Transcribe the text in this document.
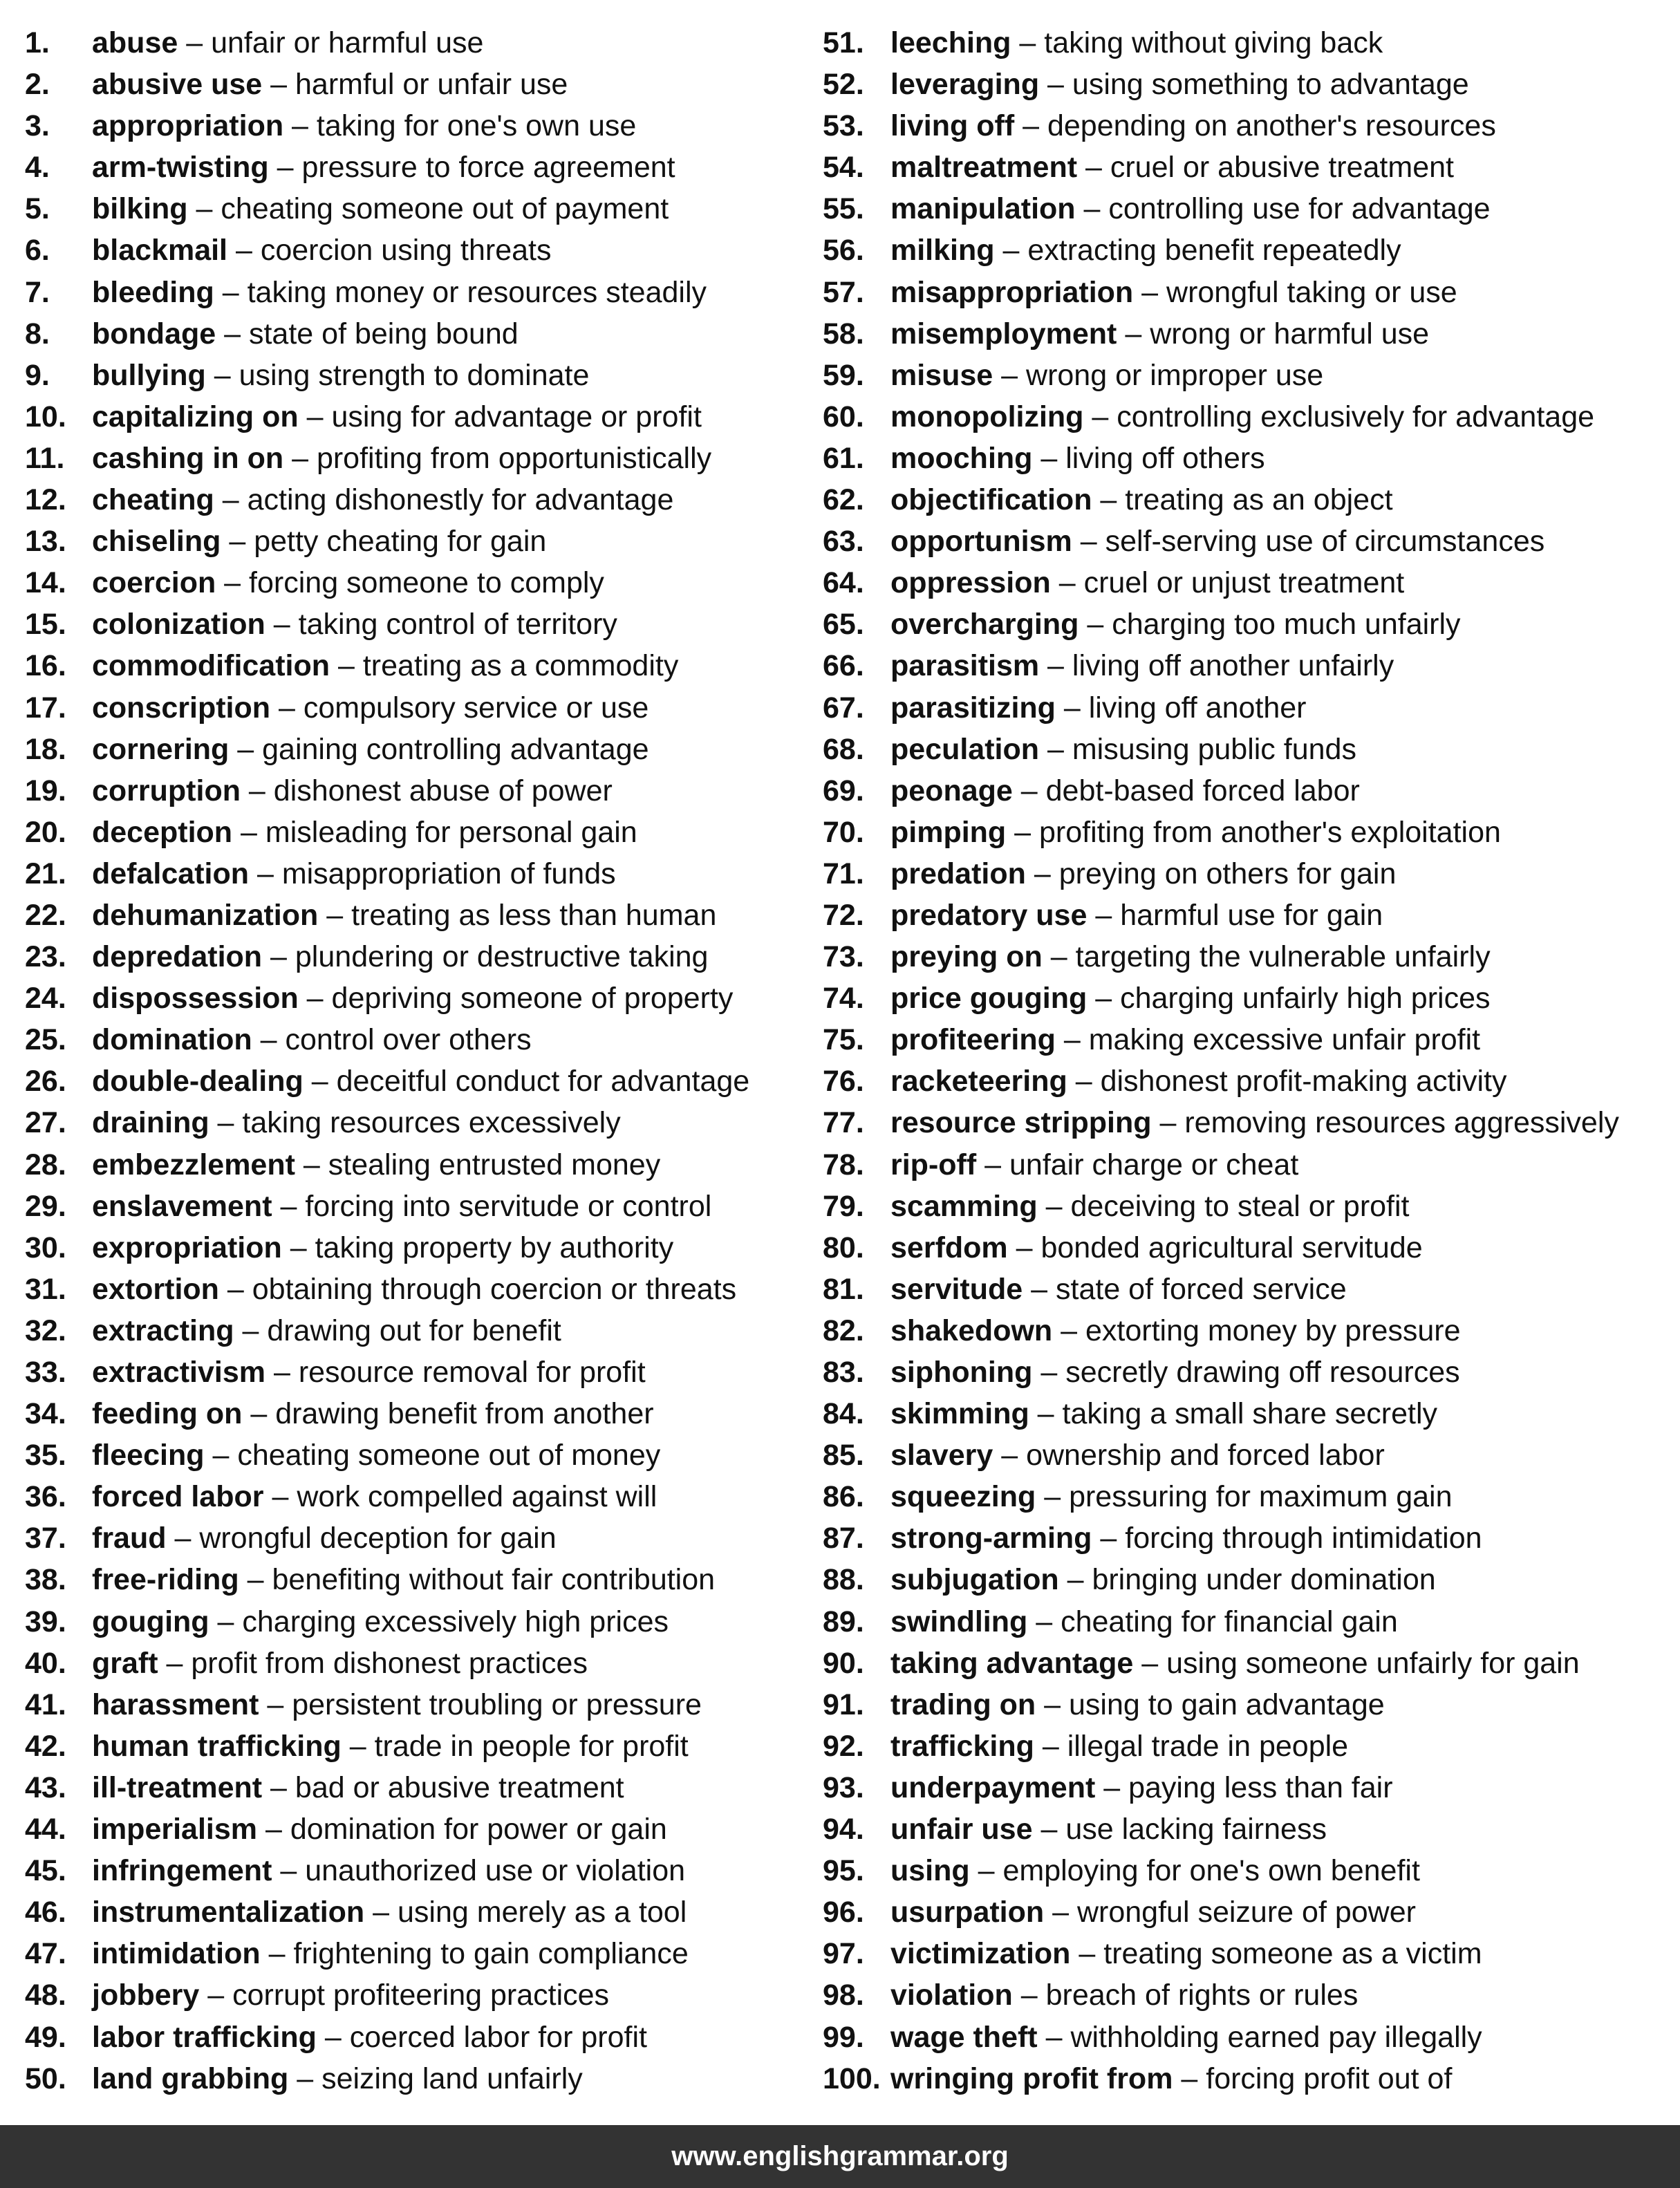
1. abuse – unfair or harmful use
2. abusive use – harmful or unfair use
3. appropriation – taking for one's own use
4. arm-twisting – pressure to force agreement
5. bilking – cheating someone out of payment
6. blackmail – coercion using threats
7. bleeding – taking money or resources steadily
8. bondage – state of being bound
9. bullying – using strength to dominate
10. capitalizing on – using for advantage or profit
11. cashing in on – profiting from opportunistically
12. cheating – acting dishonestly for advantage
13. chiseling – petty cheating for gain
14. coercion – forcing someone to comply
15. colonization – taking control of territory
16. commodification – treating as a commodity
17. conscription – compulsory service or use
18. cornering – gaining controlling advantage
19. corruption – dishonest abuse of power
20. deception – misleading for personal gain
21. defalcation – misappropriation of funds
22. dehumanization – treating as less than human
23. depredation – plundering or destructive taking
24. dispossession – depriving someone of property
25. domination – control over others
26. double-dealing – deceitful conduct for advantage
27. draining – taking resources excessively
28. embezzlement – stealing entrusted money
29. enslavement – forcing into servitude or control
30. expropriation – taking property by authority
31. extortion – obtaining through coercion or threats
32. extracting – drawing out for benefit
33. extractivism – resource removal for profit
34. feeding on – drawing benefit from another
35. fleecing – cheating someone out of money
36. forced labor – work compelled against will
37. fraud – wrongful deception for gain
38. free-riding – benefiting without fair contribution
39. gouging – charging excessively high prices
40. graft – profit from dishonest practices
41. harassment – persistent troubling or pressure
42. human trafficking – trade in people for profit
43. ill-treatment – bad or abusive treatment
44. imperialism – domination for power or gain
45. infringement – unauthorized use or violation
46. instrumentalization – using merely as a tool
47. intimidation – frightening to gain compliance
48. jobbery – corrupt profiteering practices
49. labor trafficking – coerced labor for profit
50. land grabbing – seizing land unfairly
51. leeching – taking without giving back
52. leveraging – using something to advantage
53. living off – depending on another's resources
54. maltreatment – cruel or abusive treatment
55. manipulation – controlling use for advantage
56. milking – extracting benefit repeatedly
57. misappropriation – wrongful taking or use
58. misemployment – wrong or harmful use
59. misuse – wrong or improper use
60. monopolizing – controlling exclusively for advantage
61. mooching – living off others
62. objectification – treating as an object
63. opportunism – self-serving use of circumstances
64. oppression – cruel or unjust treatment
65. overcharging – charging too much unfairly
66. parasitism – living off another unfairly
67. parasitizing – living off another
68. peculation – misusing public funds
69. peonage – debt-based forced labor
70. pimping – profiting from another's exploitation
71. predation – preying on others for gain
72. predatory use – harmful use for gain
73. preying on – targeting the vulnerable unfairly
74. price gouging – charging unfairly high prices
75. profiteering – making excessive unfair profit
76. racketeering – dishonest profit-making activity
77. resource stripping – removing resources aggressively
78. rip-off – unfair charge or cheat
79. scamming – deceiving to steal or profit
80. serfdom – bonded agricultural servitude
81. servitude – state of forced service
82. shakedown – extorting money by pressure
83. siphoning – secretly drawing off resources
84. skimming – taking a small share secretly
85. slavery – ownership and forced labor
86. squeezing – pressuring for maximum gain
87. strong-arming – forcing through intimidation
88. subjugation – bringing under domination
89. swindling – cheating for financial gain
90. taking advantage – using someone unfairly for gain
91. trading on – using to gain advantage
92. trafficking – illegal trade in people
93. underpayment – paying less than fair
94. unfair use – use lacking fairness
95. using – employing for one's own benefit
96. usurpation – wrongful seizure of power
97. victimization – treating someone as a victim
98. violation – breach of rights or rules
99. wage theft – withholding earned pay illegally
100. wringing profit from – forcing profit out of
www.englishgrammar.org
